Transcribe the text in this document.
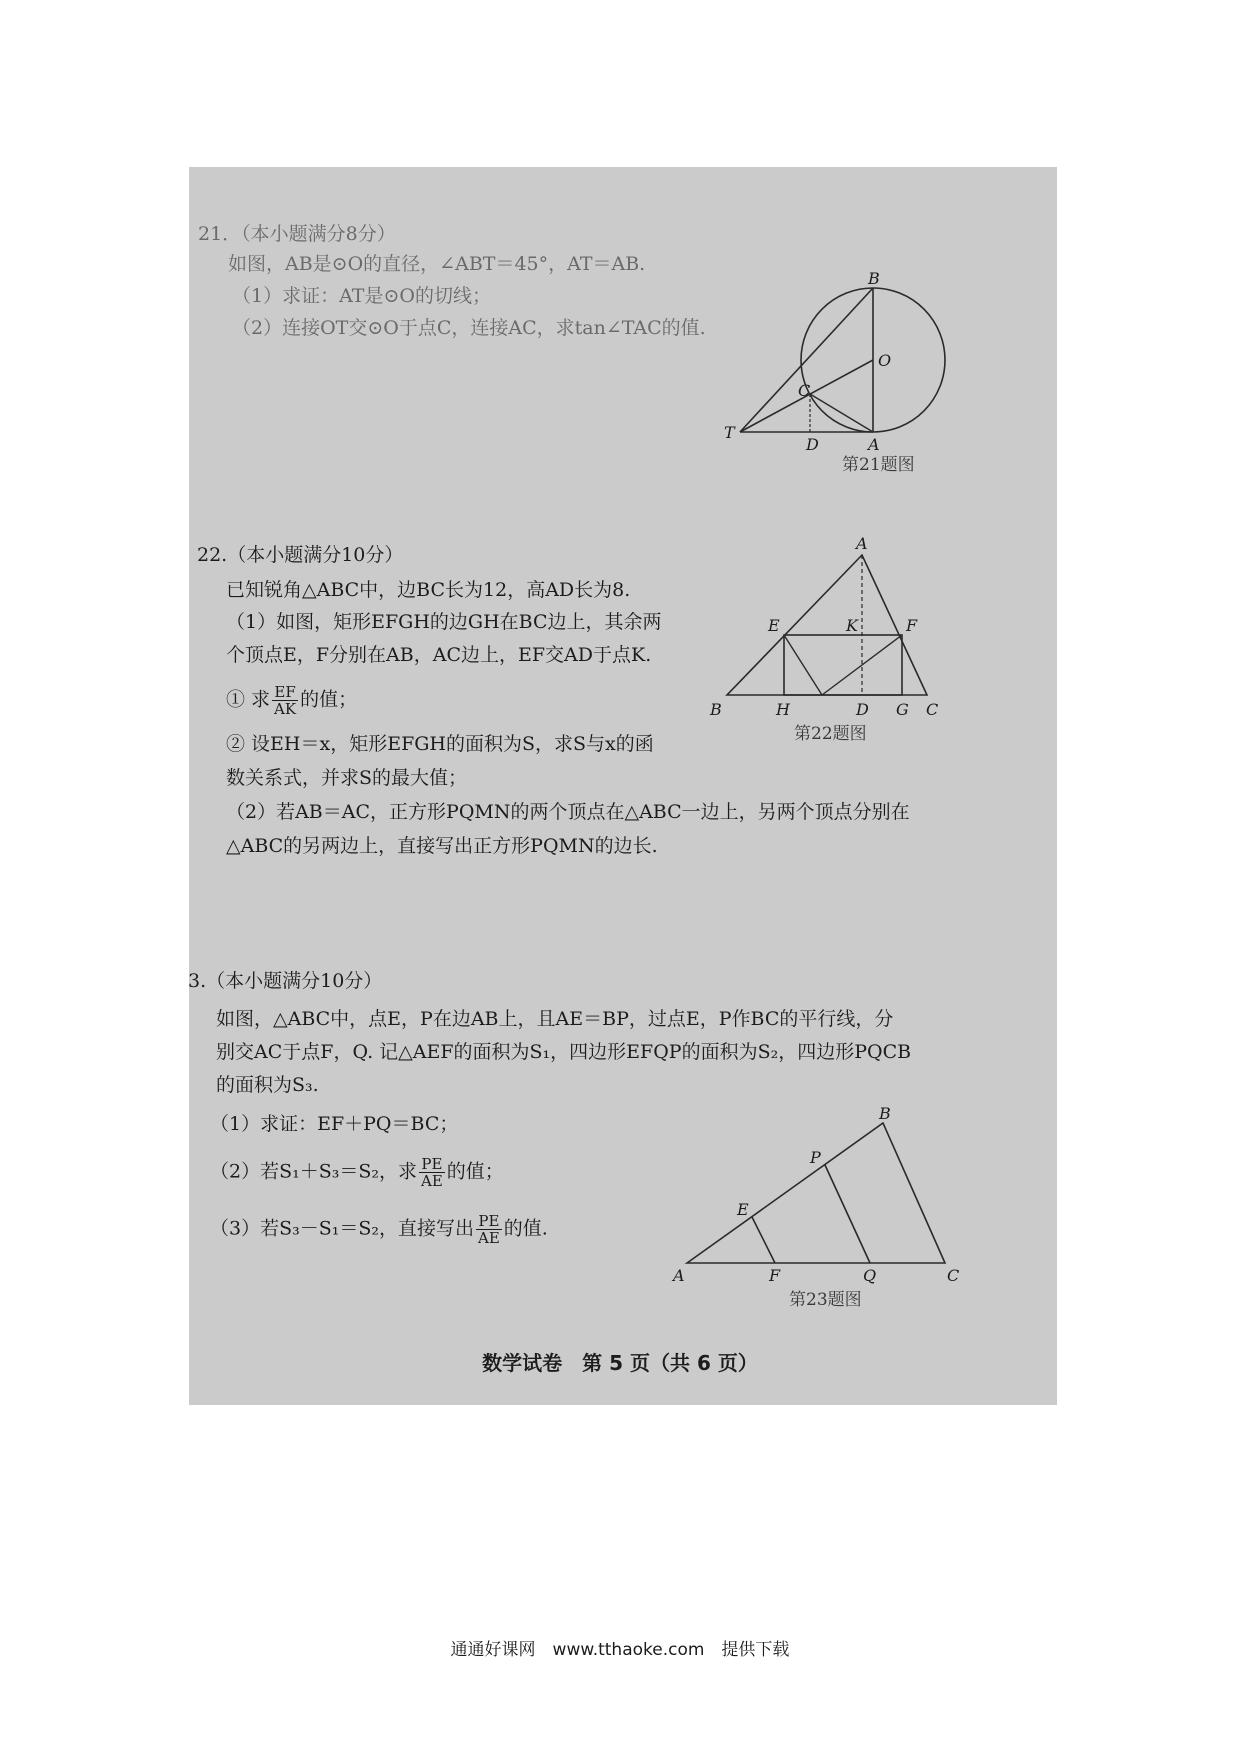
21．（本小题满分8分）
如图，AB是⊙O的直径，∠ABT＝45°，AT＝AB.
（1）求证：AT是⊙O的切线；
（2）连接OT交⊙O于点C，连接AC，求tan∠TAC的值.
B
O
T
C
D	A
第21题图
22.（本小题满分10分）
已知锐角△ABC中，边BC长为12，高AD长为8.
（1）如图，矩形EFGH的边GH在BC边上，其余两
个顶点E，F分别在AB，AC边上，EF交AD于点K.
① 求 $\frac{EF}{AK}$ 的值；
② 设EH＝x，矩形EFGH的面积为S，求S与x的函
数关系式，并求S的最大值；
（2）若AB＝AC，正方形PQMN的两个顶点在△ABC一边上，另两个顶点分别在
△ABC的另两边上，直接写出正方形PQMN的边长.
A
E	K	F
B	H	D G C
第22题图
3.（本小题满分10分）
如图，△ABC中，点E，P在边AB上，且AE＝BP，过点E，P作BC的平行线，分
别交AC于点F，Q. 记△AEF的面积为S₁，四边形EFQP的面积为S₂，四边形PQCB
的面积为S₃.
（1）求证：EF＋PQ＝BC；
（2）若S₁＋S₃＝S₂，求 $\frac{PE}{AE}$ 的值；
（3）若S₃－S₁＝S₂，直接写出 $\frac{PE}{AE}$ 的值.
B
P
E
A	F	Q	C
第23题图
数学试卷　第 5 页（共 6 页）
通通好课网　www.tthaoke.com　提供下载
